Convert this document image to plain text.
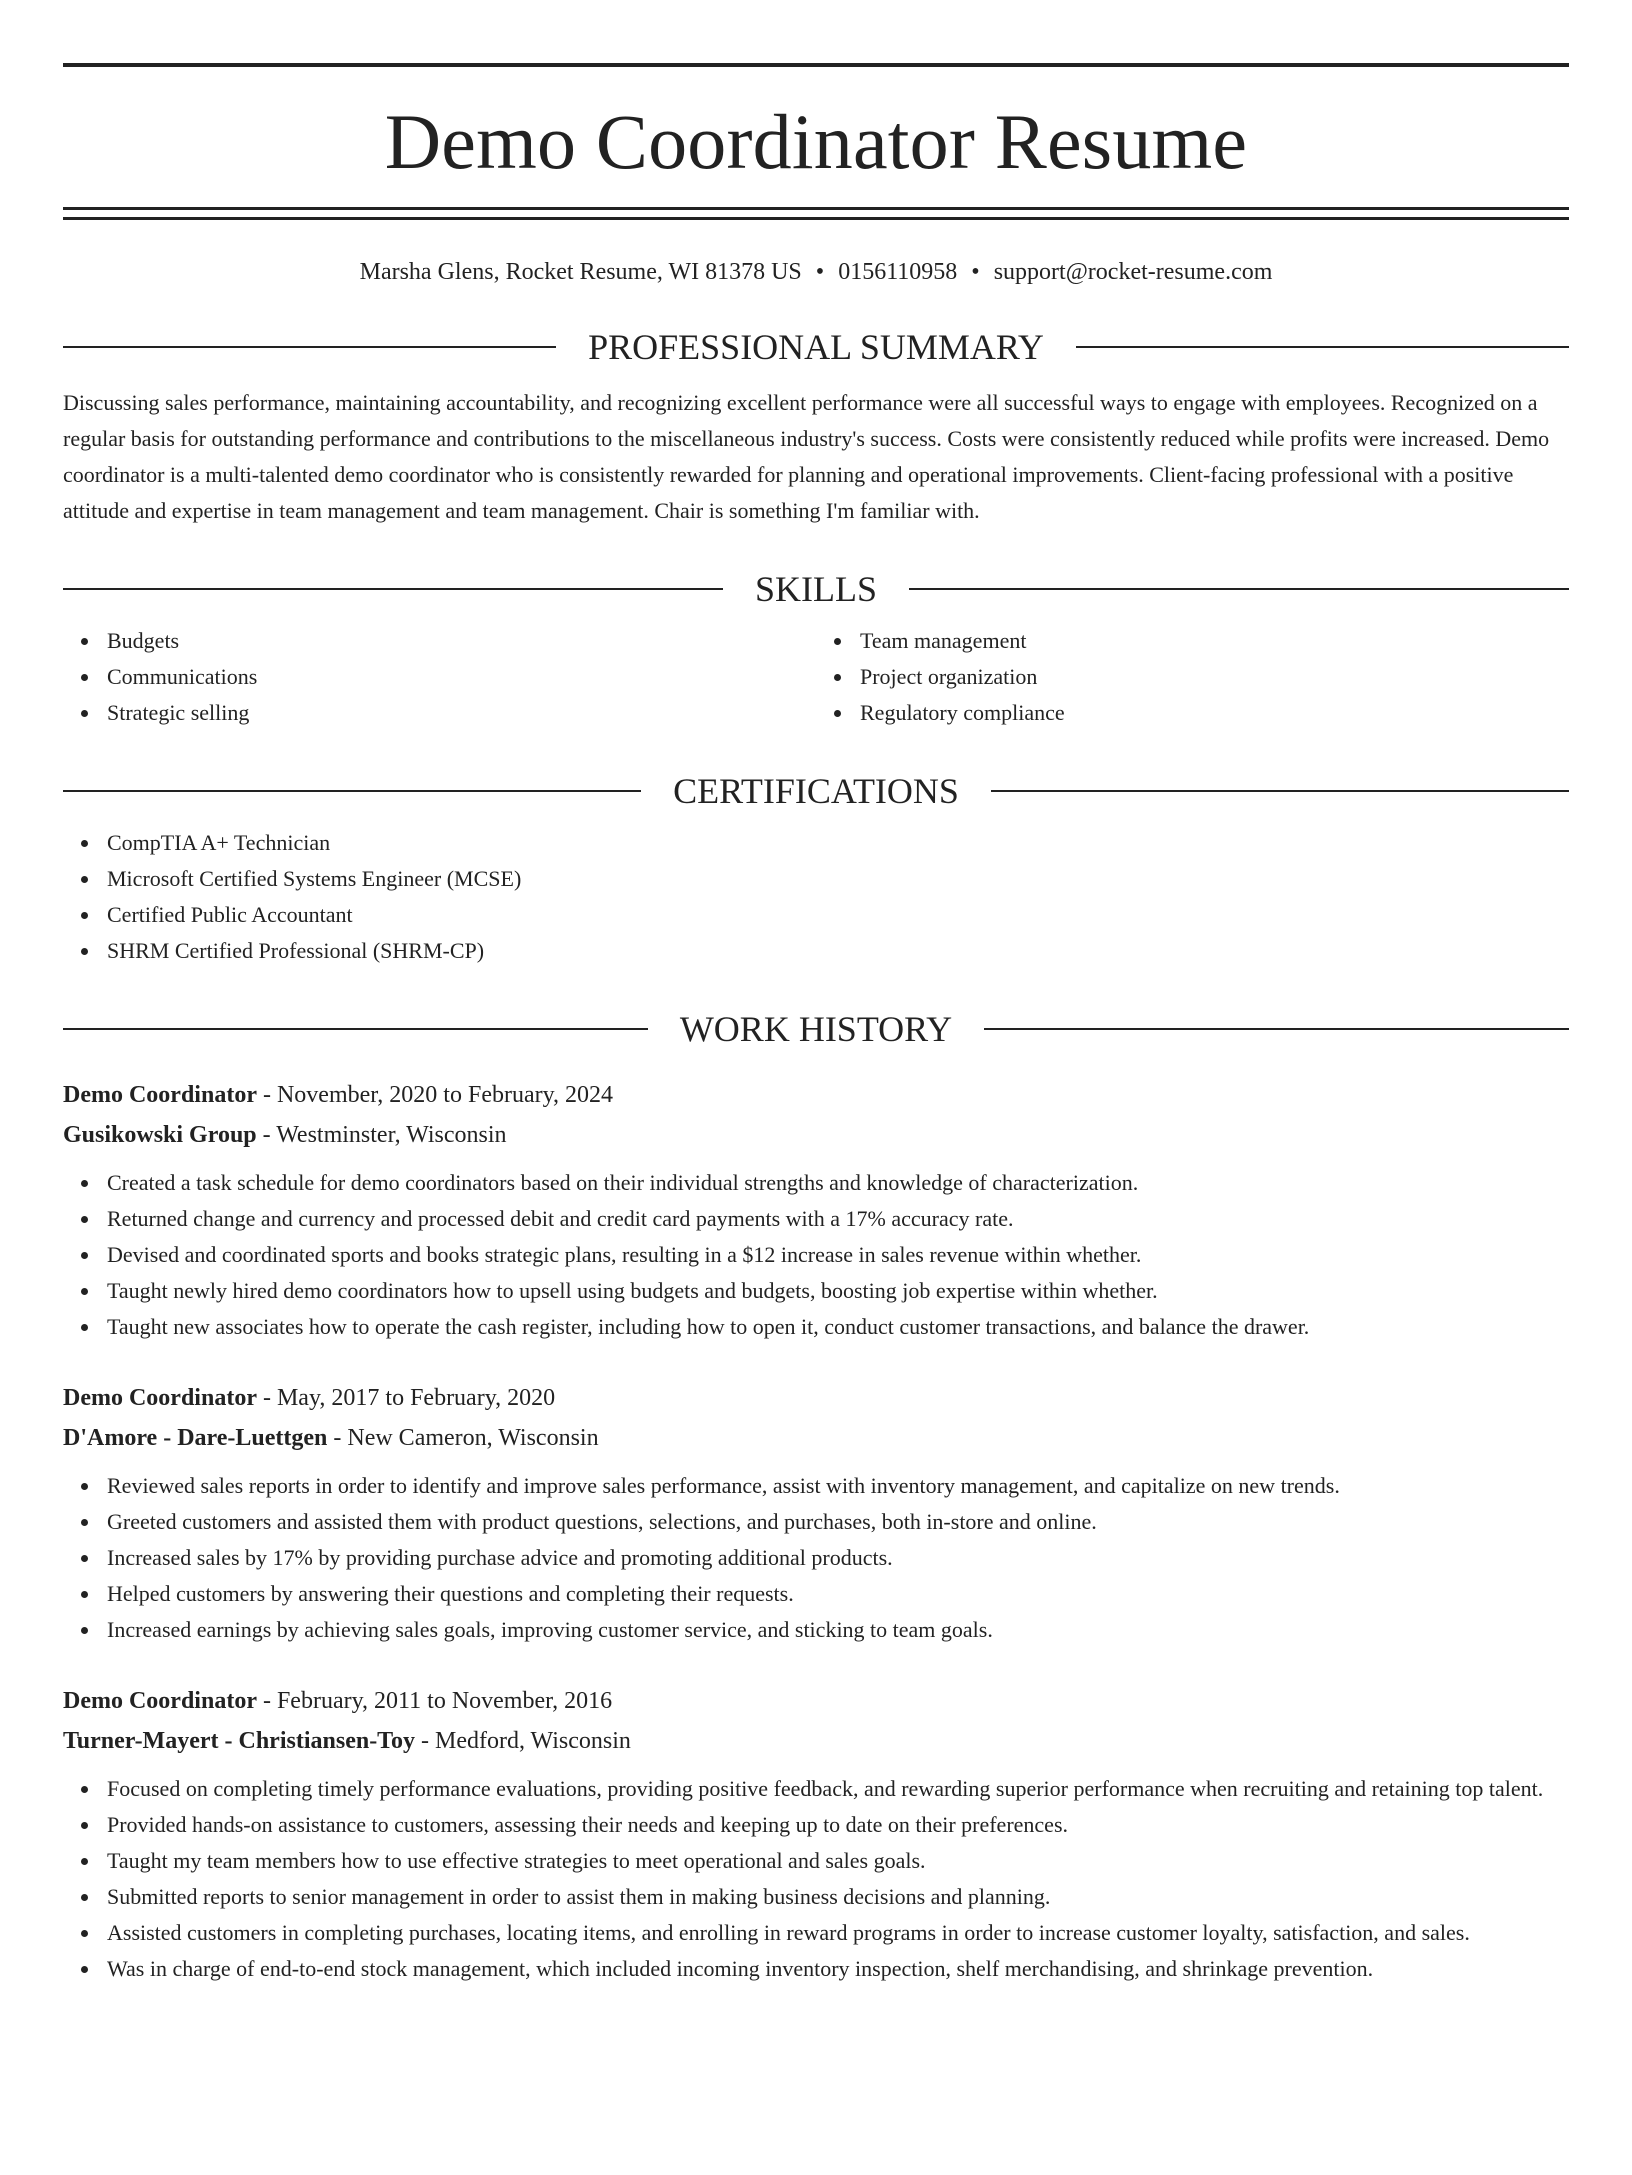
Demo Coordinator Resume
Marsha Glens, Rocket Resume, WI 81378 US • 0156110958 • support@rocket-resume.com
PROFESSIONAL SUMMARY
Discussing sales performance, maintaining accountability, and recognizing excellent performance were all successful ways to engage with employees. Recognized on a regular basis for outstanding performance and contributions to the miscellaneous industry's success. Costs were consistently reduced while profits were increased. Demo coordinator is a multi-talented demo coordinator who is consistently rewarded for planning and operational improvements. Client-facing professional with a positive attitude and expertise in team management and team management. Chair is something I'm familiar with.
SKILLS
Budgets
Communications
Strategic selling
Team management
Project organization
Regulatory compliance
CERTIFICATIONS
CompTIA A+ Technician
Microsoft Certified Systems Engineer (MCSE)
Certified Public Accountant
SHRM Certified Professional (SHRM-CP)
WORK HISTORY
Demo Coordinator - November, 2020 to February, 2024
Gusikowski Group - Westminster, Wisconsin
Created a task schedule for demo coordinators based on their individual strengths and knowledge of characterization.
Returned change and currency and processed debit and credit card payments with a 17% accuracy rate.
Devised and coordinated sports and books strategic plans, resulting in a $12 increase in sales revenue within whether.
Taught newly hired demo coordinators how to upsell using budgets and budgets, boosting job expertise within whether.
Taught new associates how to operate the cash register, including how to open it, conduct customer transactions, and balance the drawer.
Demo Coordinator - May, 2017 to February, 2020
D'Amore - Dare-Luettgen - New Cameron, Wisconsin
Reviewed sales reports in order to identify and improve sales performance, assist with inventory management, and capitalize on new trends.
Greeted customers and assisted them with product questions, selections, and purchases, both in-store and online.
Increased sales by 17% by providing purchase advice and promoting additional products.
Helped customers by answering their questions and completing their requests.
Increased earnings by achieving sales goals, improving customer service, and sticking to team goals.
Demo Coordinator - February, 2011 to November, 2016
Turner-Mayert - Christiansen-Toy - Medford, Wisconsin
Focused on completing timely performance evaluations, providing positive feedback, and rewarding superior performance when recruiting and retaining top talent.
Provided hands-on assistance to customers, assessing their needs and keeping up to date on their preferences.
Taught my team members how to use effective strategies to meet operational and sales goals.
Submitted reports to senior management in order to assist them in making business decisions and planning.
Assisted customers in completing purchases, locating items, and enrolling in reward programs in order to increase customer loyalty, satisfaction, and sales.
Was in charge of end-to-end stock management, which included incoming inventory inspection, shelf merchandising, and shrinkage prevention.
